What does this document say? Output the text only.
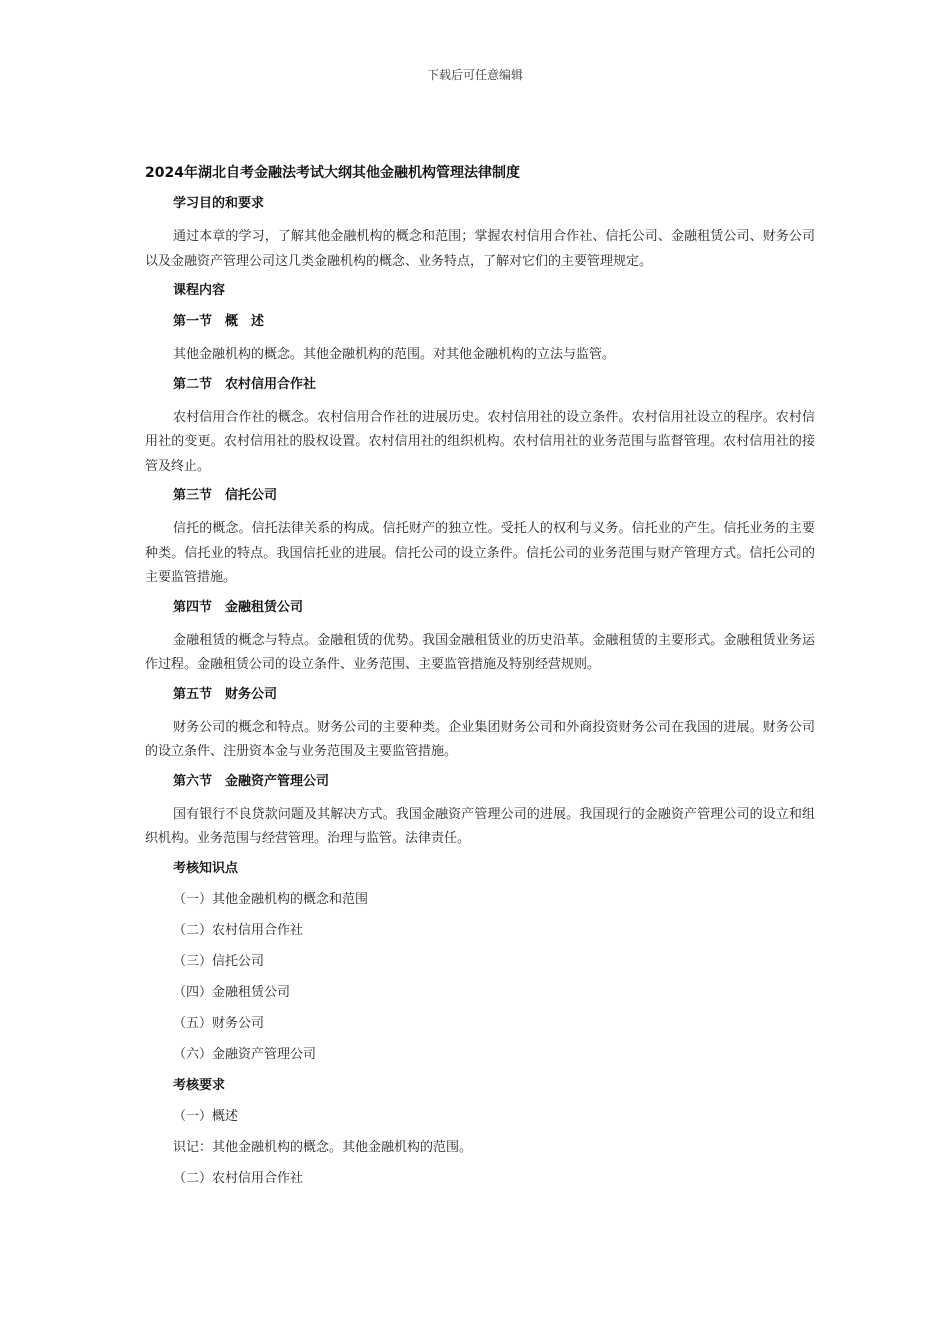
下载后可任意编辑
2024年湖北自考金融法考试大纲其他金融机构管理法律制度
学习目的和要求
通过本章的学习，了解其他金融机构的概念和范围；掌握农村信用合作社、信托公司、金融租赁公司、财务公司以及金融资产管理公司这几类金融机构的概念、业务特点，了解对它们的主要管理规定。
课程内容
第一节　概　述
其他金融机构的概念。其他金融机构的范围。对其他金融机构的立法与监管。
第二节　农村信用合作社
农村信用合作社的概念。农村信用合作社的进展历史。农村信用社的设立条件。农村信用社设立的程序。农村信用社的变更。农村信用社的股权设置。农村信用社的组织机构。农村信用社的业务范围与监督管理。农村信用社的接管及终止。
第三节　信托公司
信托的概念。信托法律关系的构成。信托财产的独立性。受托人的权利与义务。信托业的产生。信托业务的主要种类。信托业的特点。我国信托业的进展。信托公司的设立条件。信托公司的业务范围与财产管理方式。信托公司的主要监管措施。
第四节　金融租赁公司
金融租赁的概念与特点。金融租赁的优势。我国金融租赁业的历史沿革。金融租赁的主要形式。金融租赁业务运作过程。金融租赁公司的设立条件、业务范围、主要监管措施及特别经营规则。
第五节　财务公司
财务公司的概念和特点。财务公司的主要种类。企业集团财务公司和外商投资财务公司在我国的进展。财务公司的设立条件、注册资本金与业务范围及主要监管措施。
第六节　金融资产管理公司
国有银行不良贷款问题及其解决方式。我国金融资产管理公司的进展。我国现行的金融资产管理公司的设立和组织机构。业务范围与经营管理。治理与监管。法律责任。
考核知识点
（一）其他金融机构的概念和范围
（二）农村信用合作社
（三）信托公司
（四）金融租赁公司
（五）财务公司
（六）金融资产管理公司
考核要求
（一）概述
识记：其他金融机构的概念。其他金融机构的范围。
（二）农村信用合作社
